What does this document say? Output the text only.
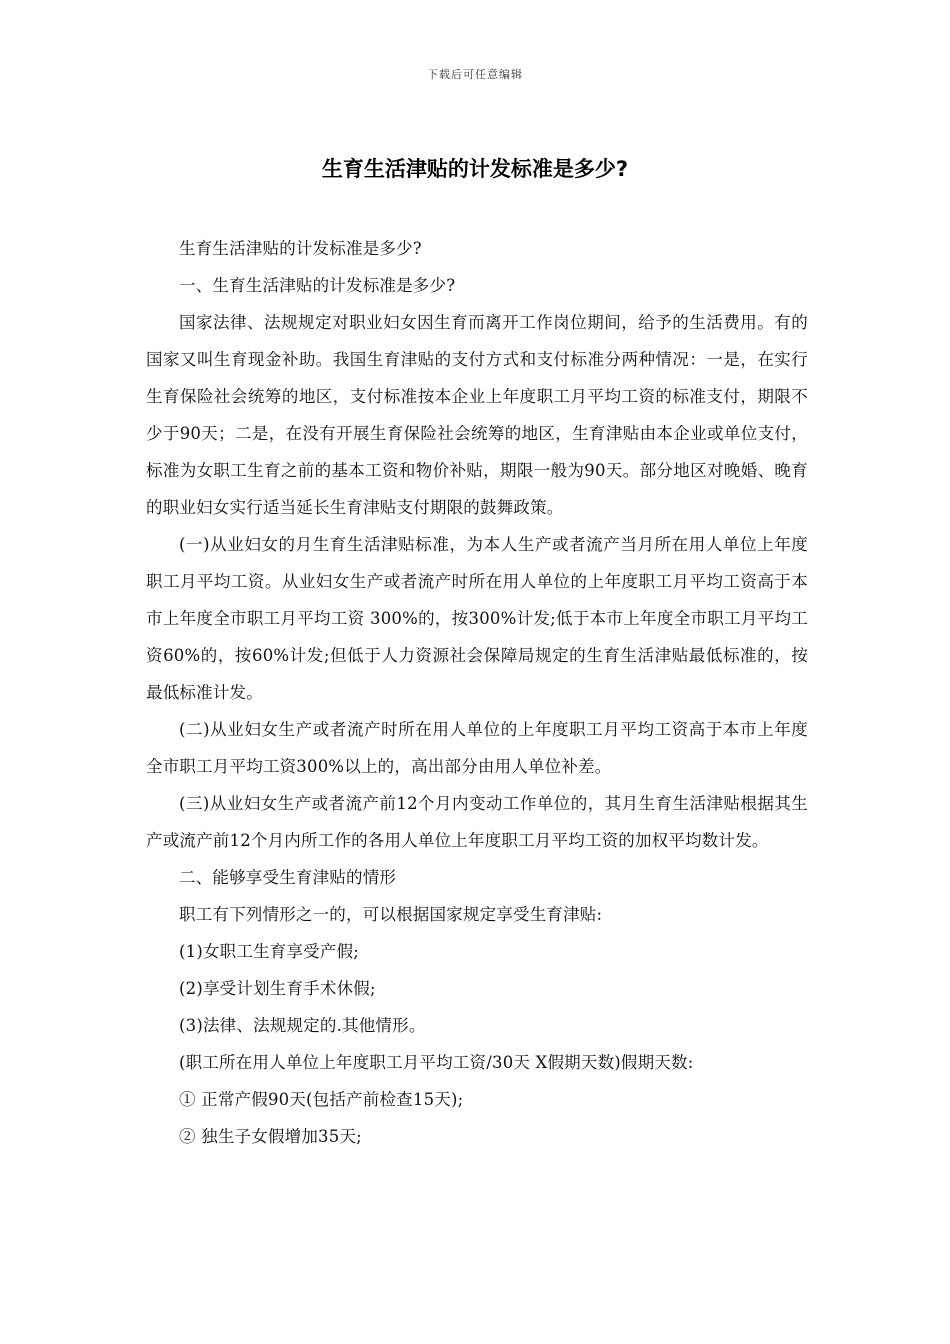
下载后可任意编辑
生育生活津贴的计发标准是多少?

生育生活津贴的计发标准是多少?

一、生育生活津贴的计发标准是多少?

国家法律、法规规定对职业妇女因生育而离开工作岗位期间，给予的生活费用。有的国家又叫生育现金补助。我国生育津贴的支付方式和支付标准分两种情况：一是，在实行生育保险社会统筹的地区，支付标准按本企业上年度职工月平均工资的标准支付，期限不少于90天；二是，在没有开展生育保险社会统筹的地区，生育津贴由本企业或单位支付，标准为女职工生育之前的基本工资和物价补贴，期限一般为90天。部分地区对晚婚、晚育的职业妇女实行适当延长生育津贴支付期限的鼓舞政策。

(一)从业妇女的月生育生活津贴标准，为本人生产或者流产当月所在用人单位上年度职工月平均工资。从业妇女生产或者流产时所在用人单位的上年度职工月平均工资高于本市上年度全市职工月平均工资 300%的，按300%计发;低于本市上年度全市职工月平均工资60%的，按60%计发;但低于人力资源社会保障局规定的生育生活津贴最低标准的，按最低标准计发。

(二)从业妇女生产或者流产时所在用人单位的上年度职工月平均工资高于本市上年度全市职工月平均工资300%以上的，高出部分由用人单位补差。

(三)从业妇女生产或者流产前12个月内变动工作单位的，其月生育生活津贴根据其生产或流产前12个月内所工作的各用人单位上年度职工月平均工资的加权平均数计发。

二、能够享受生育津贴的情形

职工有下列情形之一的，可以根据国家规定享受生育津贴:

(1)女职工生育享受产假;

(2)享受计划生育手术休假;

(3)法律、法规规定的.其他情形。

(职工所在用人单位上年度职工月平均工资/30天 X假期天数)假期天数:

① 正常产假90天(包括产前检查15天);

② 独生子女假增加35天;
